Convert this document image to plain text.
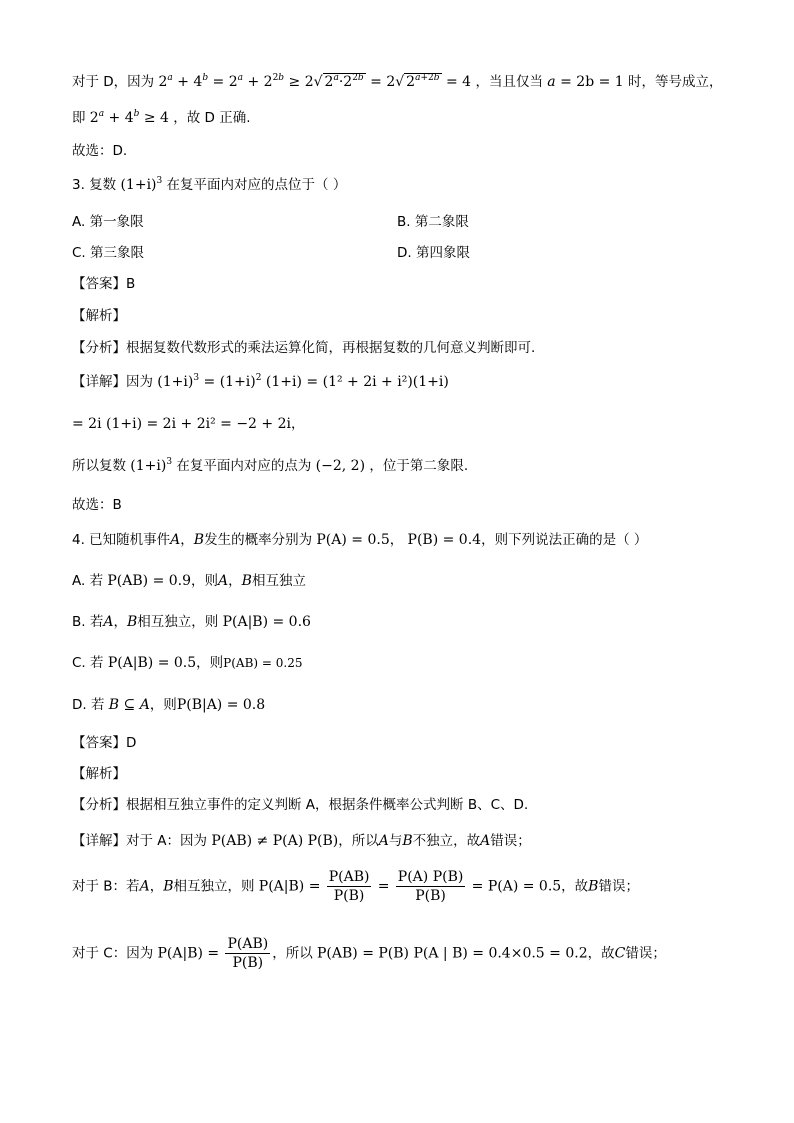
对于 D，因为 $2^a + 4^b = 2^a + 2^{2b} \ge 2√$ $2^a\cdot 2^{2b} = 2√$ $2^{a+2b} = 4$ ，当且仅当 a = 2b = 1 时，等号成立，
即 $2^a + 4^b \ge 4$ ，故 D 正确.
故选：D.
3. 复数 $(1+i)^3$ 在复平面内对应的点位于（ ）
A. 第一象限	B. 第二象限
C. 第三象限	D. 第四象限
【答案】B
【解析】
【分析】根据复数代数形式的乘法运算化简，再根据复数的几何意义判断即可.
【详解】因为 $(1+i)^3 = (1+i)^2$ (1+i) = (1² + 2i + i²)(1+i)
= 2i (1+i) = 2i + 2i² = −2 + 2i，
所以复数 $(1+i)^3$ 在复平面内对应的点为 (−2, 2) ，位于第二象限.
故选：B
4. 已知随机事件A，B发生的概率分别为 P(A) = 0.5， P(B) = 0.4，则下列说法正确的是（ ）
A. 若 P(AB) = 0.9，则A，B相互独立
B. 若A，B相互独立，则 P(A|B) = 0.6
C. 若 P(A|B) = 0.5，则P(AB) = 0.25
D. 若 B ⊆ A，则P(B|A) = 0.8
【答案】D
【解析】
【分析】根据相互独立事件的定义判断 A，根据条件概率公式判断 B、C、D.
【详解】对于 A：因为 P(AB) ≠ P(A) P(B)，所以A与B不独立，故A错误；
对于 B：若A，B相互独立，则 $P(A|B) = \frac{P(AB)}{P(B)} = \frac{P(A) P(B)}{P(B)} = P(A) = 0.5$，故B错误；
对于 C：因为 $P(A|B) = \frac{P(AB)}{P(B)}$ ，所以 P(AB) = P(B) P(A | B) = 0.4×0.5 = 0.2，故C错误；
